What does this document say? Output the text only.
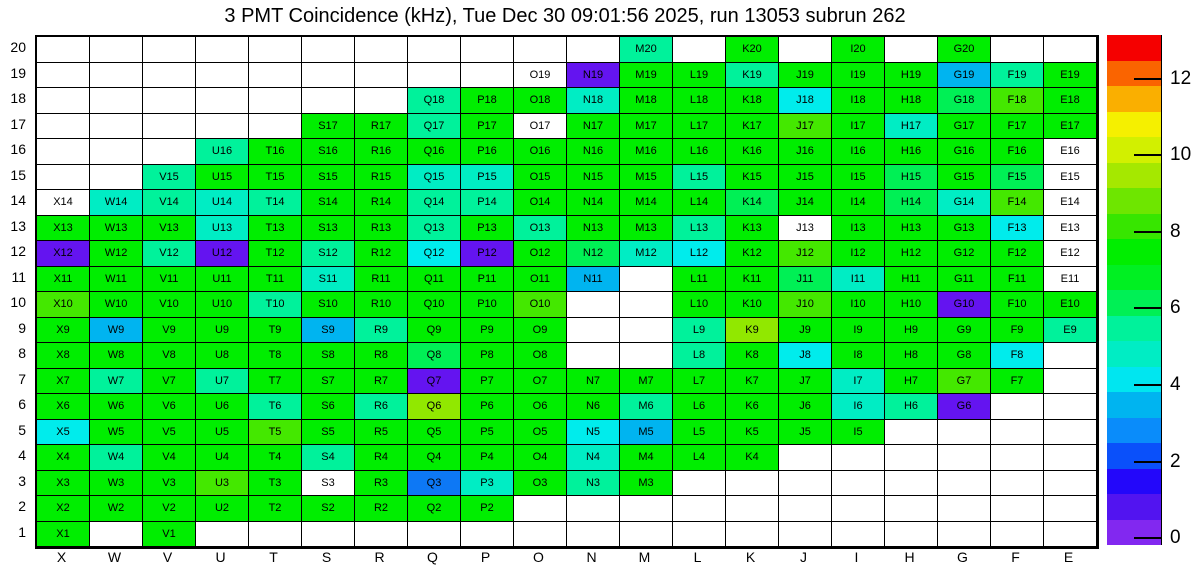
3 PMT Coincidence (kHz), Tue Dec 30 09:01:56 2025, run 13053 subrun 262
20
19
18
17
16
15
14
13
12
11
10
9
8
7
6
5
4
3
2
1
M20	K20	I20	G20
O19	N19	M19	L19	K19	J19	I19	H19	G19	F19	E19
Q18	P18	O18	N18	M18	L18	K18	J18	I18	H18	G18	F18	E18
S17	R17	Q17	P17	O17	N17	M17	L17	K17	J17	I17	H17	G17	F17	E17
U16	T16	S16	R16	Q16	P16	O16	N16	M16	L16	K16	J16	I16	H16	G16	F16	E16
V15	U15	T15	S15	R15	Q15	P15	O15	N15	M15	L15	K15	J15	I15	H15	G15	F15	E15
X14	W14	V14	U14	T14	S14	R14	Q14	P14	O14	N14	M14	L14	K14	J14	I14	H14	G14	F14	E14
X13	W13	V13	U13	T13	S13	R13	Q13	P13	O13	N13	M13	L13	K13	J13	I13	H13	G13	F13	E13
X12	W12	V12	U12	T12	S12	R12	Q12	P12	O12	N12	M12	L12	K12	J12	I12	H12	G12	F12	E12
X11	W11	V11	U11	T11	S11	R11	Q11	P11	O11	N11	L11	K11	J11	I11	H11	G11	F11	E11
X10	W10	V10	U10	T10	S10	R10	Q10	P10	O10	L10	K10	J10	I10	H10	G10	F10	E10
X9	W9	V9	U9	T9	S9	R9	Q9	P9	O9	L9	K9	J9	I9	H9	G9	F9	E9
X8	W8	V8	U8	T8	S8	R8	Q8	P8	O8	L8	K8	J8	I8	H8	G8	F8
X7	W7	V7	U7	T7	S7	R7	Q7	P7	O7	N7	M7	L7	K7	J7	I7	H7	G7	F7
X6	W6	V6	U6	T6	S6	R6	Q6	P6	O6	N6	M6	L6	K6	J6	I6	H6	G6
X5	W5	V5	U5	T5	S5	R5	Q5	P5	O5	N5	M5	L5	K5	J5	I5
X4	W4	V4	U4	T4	S4	R4	Q4	P4	O4	N4	M4	L4	K4
X3	W3	V3	U3	T3	S3	R3	Q3	P3	O3	N3	M3
X2	W2	V2	U2	T2	S2	R2	Q2	P2
X1	V1
X	W	V	U	T	S	R	Q	P	O	N	M	L	K	J	I	H	G	F	E
12
10
8
6
4
2
0
